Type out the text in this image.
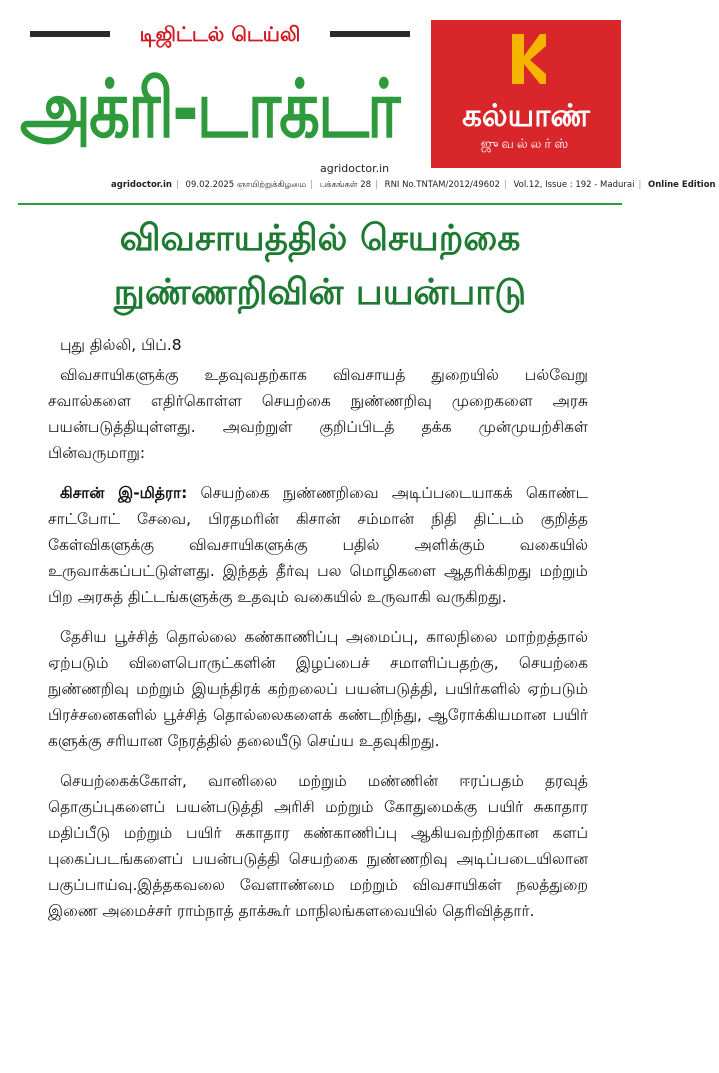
டிஜிட்டல் டெய்லி
அக்ரி-டாக்டர்
agridoctor.in
கல்யாண்
ஜுவல்லர்ஸ்
agridoctor.in | 09.02.2025 ஞாயிற்றுக்கிழமை | பக்கங்கள் 28 | RNI No.TNTAM/2012/49602 | Vol.12, Issue : 192 - Madurai | Online Edition
விவசாயத்தில் செயற்கை நுண்ணறிவின் பயன்பாடு
புது தில்லி, பிப்.8

விவசாயிகளுக்கு உதவுவதற்காக விவசாயத் துறையில் பல்வேறு சவால்களை எதிர்கொள்ள செயற்கை நுண்ணறிவு முறைகளை அரசு பயன்படுத்தியுள்ளது. அவற்றுள் குறிப்பிடத் தக்க முன்முயற்சிகள் பின்வருமாறு:

கிசான் இ-மித்ரா: செயற்கை நுண்ணறிவை அடிப்படையாகக் கொண்ட சாட்போட் சேவை, பிரதமரின் கிசான் சம்மான் நிதி திட்டம் குறித்த கேள்விகளுக்கு விவசாயிகளுக்கு பதில் அளிக்கும் வகையில் உருவாக்கப்பட்டுள்ளது. இந்தத் தீர்வு பல மொழிகளை ஆதரிக்கிறது மற்றும் பிற அரசுத் திட்டங்களுக்கு உதவும் வகையில் உருவாகி வருகிறது.

தேசிய பூச்சித் தொல்லை கண்காணிப்பு அமைப்பு, காலநிலை மாற்றத்தால் ஏற்படும் விளைபொருட்களின் இழப்பைச் சமாளிப்பதற்கு, செயற்கை நுண்ணறிவு மற்றும் இயந்திரக் கற்றலைப் பயன்படுத்தி, பயிர்களில் ஏற்படும் பிரச்சனைகளில் பூச்சித் தொல்லைகளைக் கண்டறிந்து, ஆரோக்கியமான பயிர் களுக்கு சரியான நேரத்தில் தலையீடு செய்ய உதவுகிறது.

செயற்கைக்கோள், வானிலை மற்றும் மண்ணின் ஈரப்பதம் தரவுத் தொகுப்புகளைப் பயன்படுத்தி அரிசி மற்றும் கோதுமைக்கு பயிர் சுகாதார மதிப்பீடு மற்றும் பயிர் சுகாதார கண்காணிப்பு ஆகியவற்றிற்கான களப் புகைப்படங்களைப் பயன்படுத்தி செயற்கை நுண்ணறிவு அடிப்படையிலான பகுப்பாய்வு.இத்தகவலை வேளாண்மை மற்றும் விவசாயிகள் நலத்துறை இணை அமைச்சர் ராம்நாத் தாக்கூர் மாநிலங்களவையில் தெரிவித்தார்.
